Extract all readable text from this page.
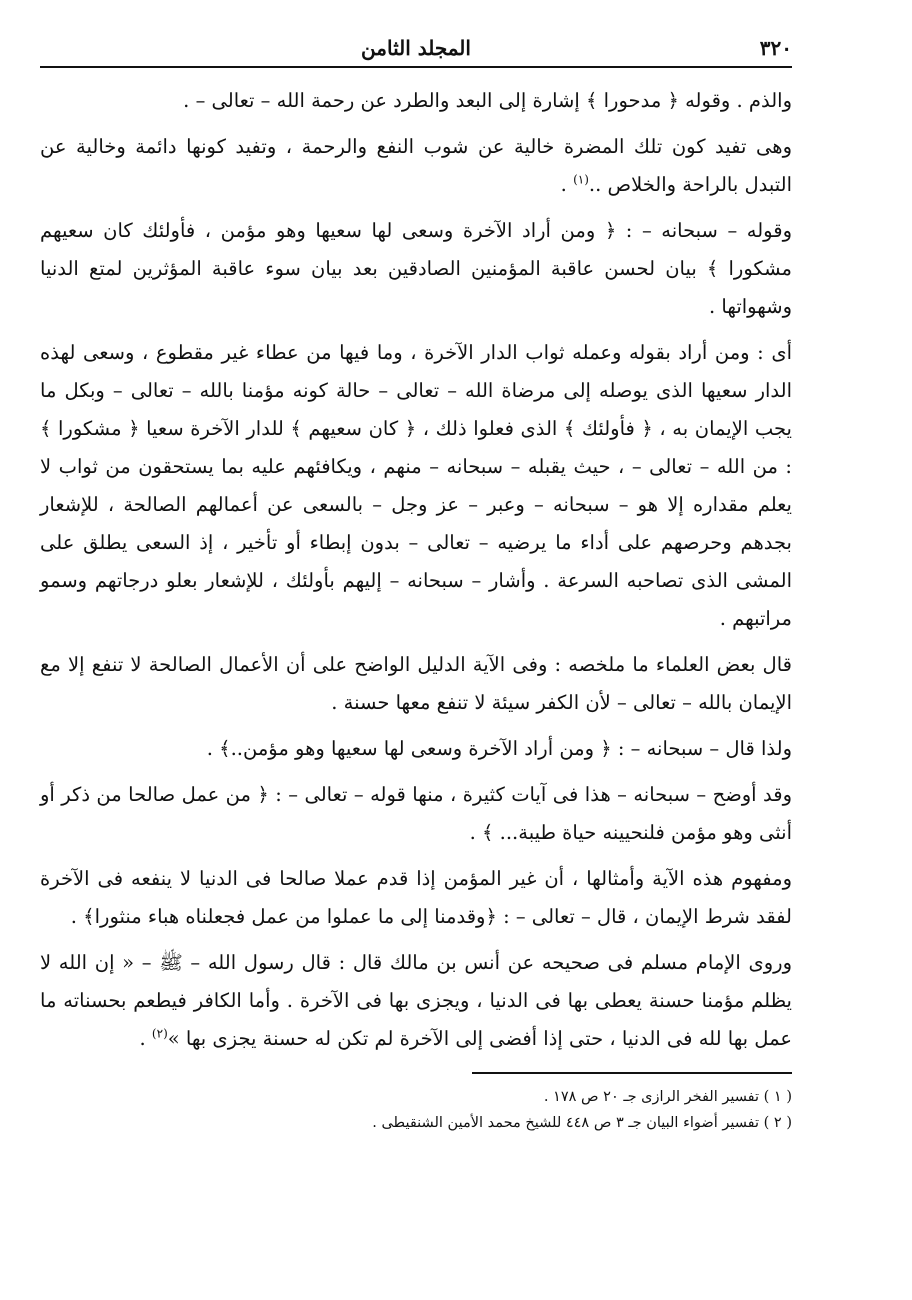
٣٢٠
المجلد الثامن

والذم . وقوله ﴿ مدحورا ﴾ إشارة إلى البعد والطرد عن رحمة الله – تعالى – .

وهى تفيد كون تلك المضرة خالية عن شوب النفع والرحمة ، وتفيد كونها دائمة وخالية عن التبدل بالراحة والخلاص ..$^{(١)}$ .

وقوله – سبحانه – : ﴿ ومن أراد الآخرة وسعى لها سعيها وهو مؤمن ، فأولئك كان سعيهم مشكورا ﴾ بيان لحسن عاقبة المؤمنين الصادقين بعد بيان سوء عاقبة المؤثرين لمتع الدنيا وشهواتها .

أى : ومن أراد بقوله وعمله ثواب الدار الآخرة ، وما فيها من عطاء غير مقطوع ، وسعى لهذه الدار سعيها الذى يوصله إلى مرضاة الله – تعالى – حالة كونه مؤمنا بالله – تعالى – وبكل ما يجب الإيمان به ، ﴿ فأولئك ﴾ الذى فعلوا ذلك ، ﴿ كان سعيهم ﴾ للدار الآخرة سعيا ﴿ مشكورا ﴾ : من الله – تعالى – ، حيث يقبله – سبحانه – منهم ، ويكافئهم عليه بما يستحقون من ثواب لا يعلم مقداره إلا هو – سبحانه – وعبر – عز وجل – بالسعى عن أعمالهم الصالحة ، للإشعار بجدهم وحرصهم على أداء ما يرضيه – تعالى – بدون إبطاء أو تأخير ، إذ السعى يطلق على المشى الذى تصاحبه السرعة . وأشار – سبحانه – إليهم بأولئك ، للإشعار بعلو درجاتهم وسمو مراتبهم .

قال بعض العلماء ما ملخصه : وفى الآية الدليل الواضح على أن الأعمال الصالحة لا تنفع إلا مع الإيمان بالله – تعالى – لأن الكفر سيئة لا تنفع معها حسنة .

ولذا قال – سبحانه – : ﴿ ومن أراد الآخرة وسعى لها سعيها وهو مؤمن..﴾ .

وقد أوضح – سبحانه – هذا فى آيات كثيرة ، منها قوله – تعالى – : ﴿ من عمل صالحا من ذكر أو أنثى وهو مؤمن فلنحيينه حياة طيبة... ﴾ .

ومفهوم هذه الآية وأمثالها ، أن غير المؤمن إذا قدم عملا صالحا فى الدنيا لا ينفعه فى الآخرة لفقد شرط الإيمان ، قال – تعالى – : ﴿وقدمنا إلى ما عملوا من عمل فجعلناه هباء منثورا﴾ .

وروى الإمام مسلم فى صحيحه عن أنس بن مالك قال : قال رسول الله – ﷺ – « إن الله لا يظلم مؤمنا حسنة يعطى بها فى الدنيا ، ويجزى بها فى الآخرة . وأما الكافر فيطعم بحسناته ما عمل بها لله فى الدنيا ، حتى إذا أفضى إلى الآخرة لم تكن له حسنة يجزى بها »$^{(٢)}$ .

( ١ ) تفسير الفخر الرازى جـ ٢٠ ص ١٧٨ .

( ٢ ) تفسير أضواء البيان جـ ٣ ص ٤٤٨ للشيخ محمد الأمين الشنقيطى .
